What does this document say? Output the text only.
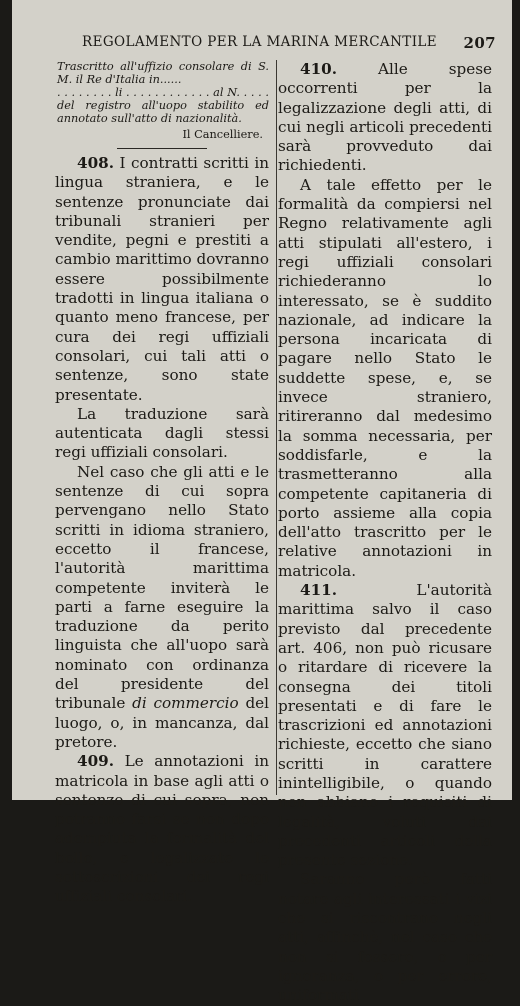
REGOLAMENTO PER LA MARINA MERCANTILE 207

Trascritto all'uffizio consolare di S. M. il Re d'Italia in......

. . . . . . . . li . . . . . . . . . . . . al N. . . . . del registro all'uopo stabilito ed annotato sull'atto di nazionalità.

Il Cancelliere.

408. I contratti scritti in lingua straniera, e le sentenze pronunciate dai tribunali stranieri per vendite, pegni e prestiti a cambio marittimo dovranno essere possibilmente tradotti in lingua italiana o quanto meno francese, per cura dei regi uffiziali consolari, cui tali atti o sentenze, sono state presentate.

La traduzione sarà autenticata dagli stessi regi uffiziali consolari.

Nel caso che gli atti e le sentenze di cui sopra pervengano nello Stato scritti in idioma straniero, eccetto il francese, l'autorità marittima competente inviterà le parti a farne eseguire la traduzione da perito linguista che all'uopo sarà nominato con ordinanza del presidente del tribunale di commercio del luogo, o, in mancanza, dal pretore.

409. Le annotazioni in matricola in base agli atti o sentenze di cui sopra, non potranno farsi se non dopo adempiuta la formalità del bollo, e legalizzate le sottoscrizioni dei regi uffiziali consolari.

410.	Alle spese occorrenti per la legalizzazione degli atti, di cui negli articoli precedenti sarà provveduto dai richiedenti.

A tale effetto per le formalità da compiersi nel Regno relativamente agli atti stipulati all'estero, i regi uffiziali consolari richiederanno lo interessato, se è suddito nazionale, ad indicare la persona incaricata di pagare nello Stato le suddette spese, e, se invece straniero, ritireranno dal medesimo la somma necessaria, per soddisfarle, e la trasmetteranno alla competente capitaneria di porto assieme alla copia dell'atto trascritto per le relative annotazioni in matricola.

411.	L'autorità marittima salvo il caso previsto dal precedente art. 406, non può ricusare o ritardare di ricevere la consegna dei titoli presentati e di fare le trascrizioni ed annotazioni richieste, eccetto che siano scritti in carattere inintelligibile, o quando non abbiano i requisiti di legalità, voluti dai precedenti articoli della presente sezione.

Saranno però fatti notare agli interessati i vizi che si riscontrano negli atti, affinchè, nel caso che non si fossero, o per ignoranza, o per errore, uniformati
